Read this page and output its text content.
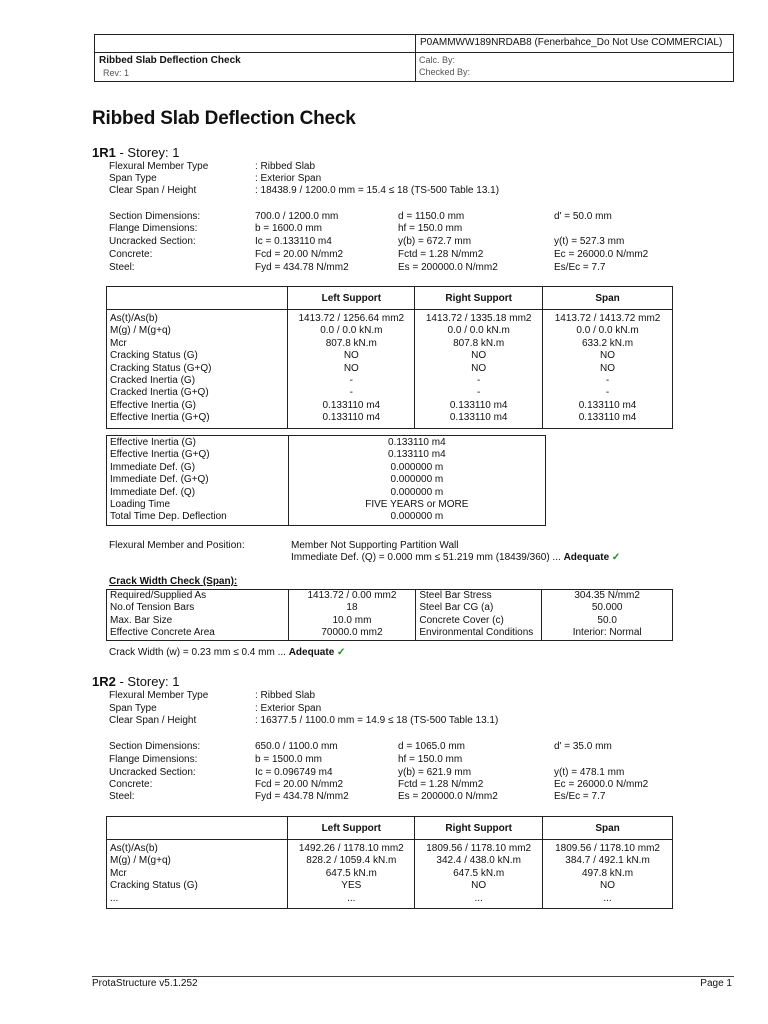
P0AMMWW189NRDAB8 (Fenerbahce_Do Not Use COMMERCIAL)
Ribbed Slab Deflection Check
Rev: 1
Calc. By:
Checked By:
Ribbed Slab Deflection Check
1R1 - Storey: 1
Flexural Member Type	: Ribbed Slab
Span Type	: Exterior Span
Clear Span / Height	: 18438.9 / 1200.0 mm = 15.4 ≤ 18 (TS-500 Table 13.1)
Section Dimensions:	700.0 / 1200.0 mm	d = 1150.0 mm	d' = 50.0 mm
Flange Dimensions:	b = 1600.0 mm	hf = 150.0 mm
Uncracked Section:	Ic = 0.133110 m4	y(b) = 672.7 mm	y(t) = 527.3 mm
Concrete:	Fcd = 20.00 N/mm2	Fctd = 1.28 N/mm2	Ec = 26000.0 N/mm2
Steel:	Fyd = 434.78 N/mm2	Es = 200000.0 N/mm2	Es/Ec = 7.7
	Left Support	Right Support	Span
As(t)/As(b)	1413.72 / 1256.64 mm2	1413.72 / 1335.18 mm2	1413.72 / 1413.72 mm2
M(g) / M(g+q)	0.0 / 0.0 kN.m	0.0 / 0.0 kN.m	0.0 / 0.0 kN.m
Mcr	807.8 kN.m	807.8 kN.m	633.2 kN.m
Cracking Status (G)	NO	NO	NO
Cracking Status (G+Q)	NO	NO	NO
Cracked Inertia (G)	-	-	-
Cracked Inertia (G+Q)	-	-	-
Effective Inertia (G)	0.133110 m4	0.133110 m4	0.133110 m4
Effective Inertia (G+Q)	0.133110 m4	0.133110 m4	0.133110 m4
Effective Inertia (G)	0.133110 m4
Effective Inertia (G+Q)	0.133110 m4
Immediate Def. (G)	0.000000 m
Immediate Def. (G+Q)	0.000000 m
Immediate Def. (Q)	0.000000 m
Loading Time	FIVE YEARS or MORE
Total Time Dep. Deflection	0.000000 m
Flexural Member and Position:	Member Not Supporting Partition Wall
Immediate Def. (Q) = 0.000 mm ≤ 51.219 mm (18439/360) ... Adequate ✓
Crack Width Check (Span):
Required/Supplied As	1413.72 / 0.00 mm2	Steel Bar Stress	304.35 N/mm2
No.of Tension Bars	18	Steel Bar CG (a)	50.000
Max. Bar Size	10.0 mm	Concrete Cover (c)	50.0
Effective Concrete Area	70000.0 mm2	Environmental Conditions	Interior: Normal
Crack Width (w) = 0.23 mm ≤ 0.4 mm ... Adequate ✓
1R2 - Storey: 1
Flexural Member Type	: Ribbed Slab
Span Type	: Exterior Span
Clear Span / Height	: 16377.5 / 1100.0 mm = 14.9 ≤ 18 (TS-500 Table 13.1)
Section Dimensions:	650.0 / 1100.0 mm	d = 1065.0 mm	d' = 35.0 mm
Flange Dimensions:	b = 1500.0 mm	hf = 150.0 mm
Uncracked Section:	Ic = 0.096749 m4	y(b) = 621.9 mm	y(t) = 478.1 mm
Concrete:	Fcd = 20.00 N/mm2	Fctd = 1.28 N/mm2	Ec = 26000.0 N/mm2
Steel:	Fyd = 434.78 N/mm2	Es = 200000.0 N/mm2	Es/Ec = 7.7
	Left Support	Right Support	Span
As(t)/As(b)	1492.26 / 1178.10 mm2	1809.56 / 1178.10 mm2	1809.56 / 1178.10 mm2
M(g) / M(g+q)	828.2 / 1059.4 kN.m	342.4 / 438.0 kN.m	384.7 / 492.1 kN.m
Mcr	647.5 kN.m	647.5 kN.m	497.8 kN.m
Cracking Status (G)	YES	NO	NO
...	...	...	...
ProtaStructure v5.1.252	Page 1
